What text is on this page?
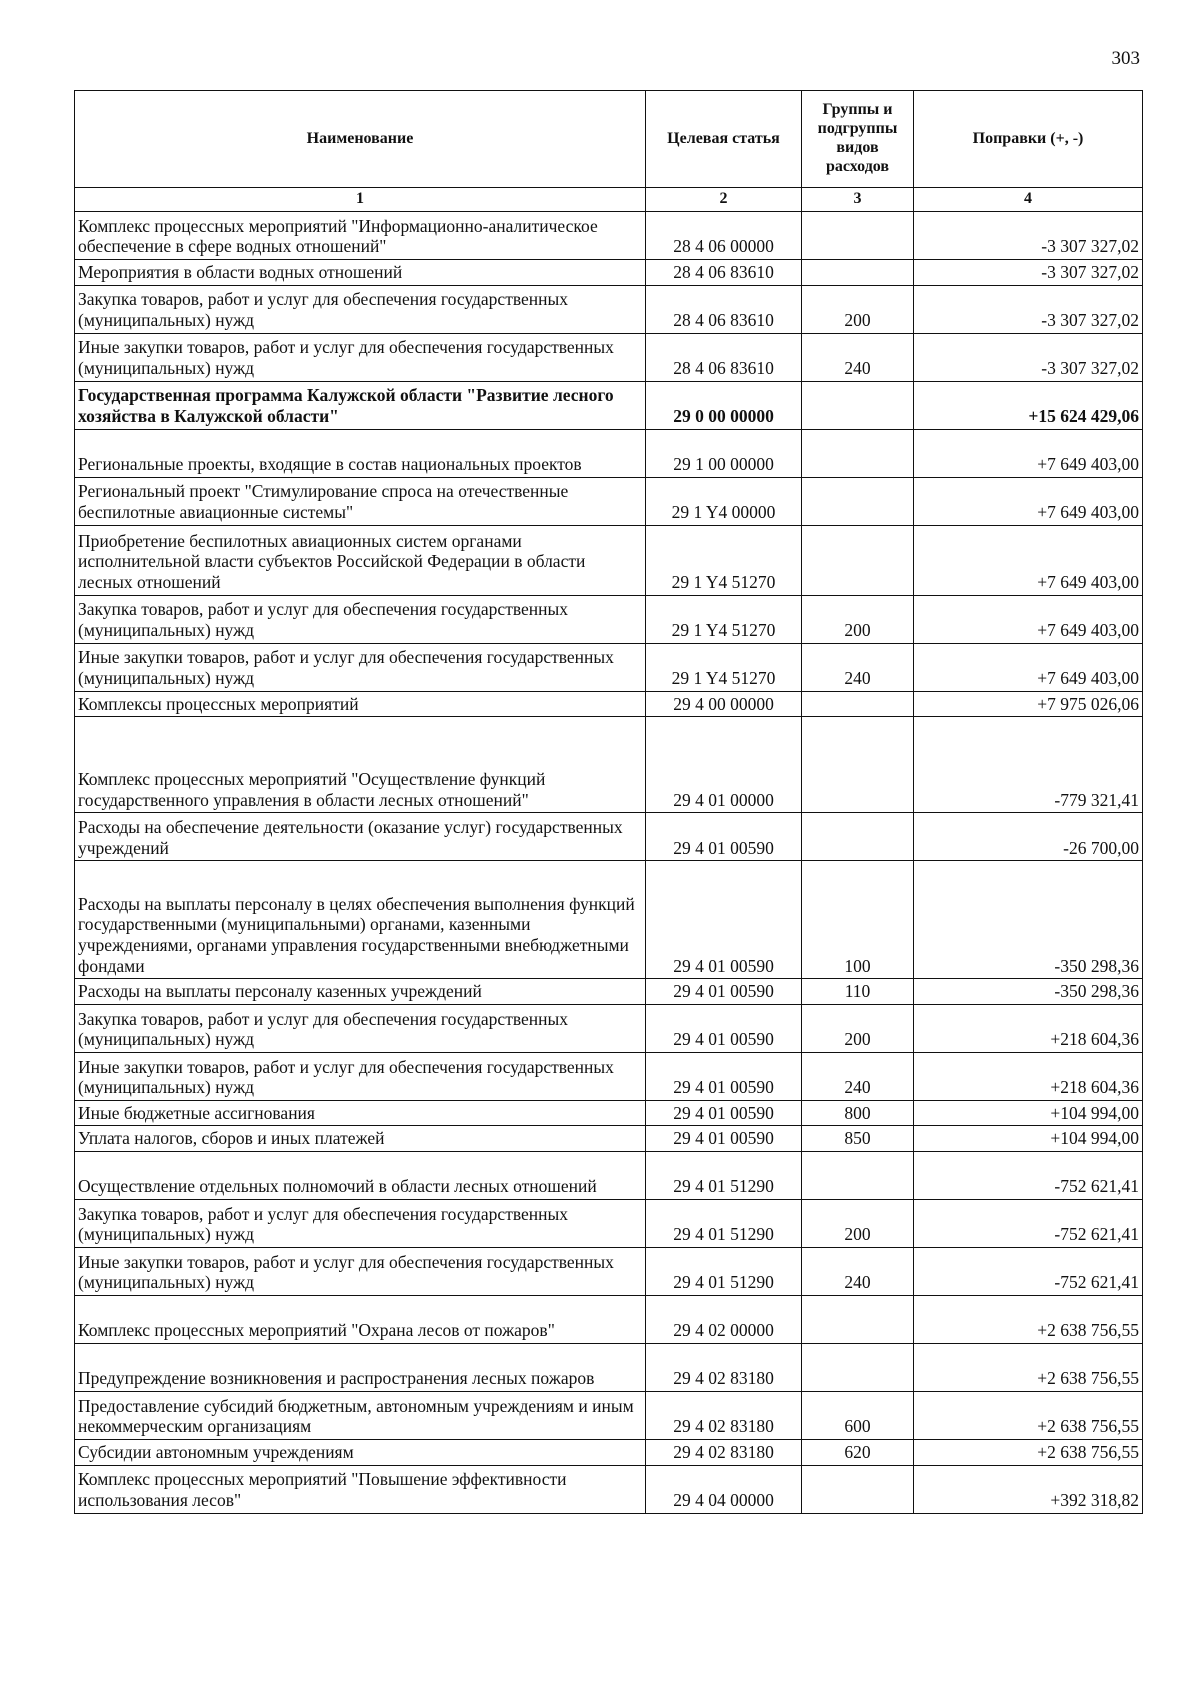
303
Наименование	Целевая статья	Группы и подгруппы видов расходов	Поправки (+, -)
1	2	3	4
Комплекс процессных мероприятий "Информационно-аналитическое обеспечение в сфере водных отношений"	28 4 06 00000		-3 307 327,02
Мероприятия в области водных отношений	28 4 06 83610		-3 307 327,02
Закупка товаров, работ и услуг для обеспечения государственных (муниципальных) нужд	28 4 06 83610	200	-3 307 327,02
Иные закупки товаров, работ и услуг для обеспечения государственных (муниципальных) нужд	28 4 06 83610	240	-3 307 327,02
Государственная программа Калужской области "Развитие лесного хозяйства в Калужской области"	29 0 00 00000		+15 624 429,06
Региональные проекты, входящие в состав национальных проектов	29 1 00 00000		+7 649 403,00
Региональный проект "Стимулирование спроса на отечественные беспилотные авиационные системы"	29 1 Y4 00000		+7 649 403,00
Приобретение беспилотных авиационных систем органами исполнительной власти субъектов Российской Федерации в области лесных отношений	29 1 Y4 51270		+7 649 403,00
Закупка товаров, работ и услуг для обеспечения государственных (муниципальных) нужд	29 1 Y4 51270	200	+7 649 403,00
Иные закупки товаров, работ и услуг для обеспечения государственных (муниципальных) нужд	29 1 Y4 51270	240	+7 649 403,00
Комплексы процессных мероприятий	29 4 00 00000		+7 975 026,06
Комплекс процессных мероприятий "Осуществление функций государственного управления в области лесных отношений"	29 4 01 00000		-779 321,41
Расходы на обеспечение деятельности (оказание услуг) государственных учреждений	29 4 01 00590		-26 700,00
Расходы на выплаты персоналу в целях обеспечения выполнения функций государственными (муниципальными) органами, казенными учреждениями, органами управления государственными внебюджетными фондами	29 4 01 00590	100	-350 298,36
Расходы на выплаты персоналу казенных учреждений	29 4 01 00590	110	-350 298,36
Закупка товаров, работ и услуг для обеспечения государственных (муниципальных) нужд	29 4 01 00590	200	+218 604,36
Иные закупки товаров, работ и услуг для обеспечения государственных (муниципальных) нужд	29 4 01 00590	240	+218 604,36
Иные бюджетные ассигнования	29 4 01 00590	800	+104 994,00
Уплата налогов, сборов и иных платежей	29 4 01 00590	850	+104 994,00
Осуществление отдельных полномочий в области лесных отношений	29 4 01 51290		-752 621,41
Закупка товаров, работ и услуг для обеспечения государственных (муниципальных) нужд	29 4 01 51290	200	-752 621,41
Иные закупки товаров, работ и услуг для обеспечения государственных (муниципальных) нужд	29 4 01 51290	240	-752 621,41
Комплекс процессных мероприятий "Охрана лесов от пожаров"	29 4 02 00000		+2 638 756,55
Предупреждение возникновения и распространения лесных пожаров	29 4 02 83180		+2 638 756,55
Предоставление субсидий бюджетным, автономным учреждениям и иным некоммерческим организациям	29 4 02 83180	600	+2 638 756,55
Субсидии автономным учреждениям	29 4 02 83180	620	+2 638 756,55
Комплекс процессных мероприятий "Повышение эффективности использования лесов"	29 4 04 00000		+392 318,82
